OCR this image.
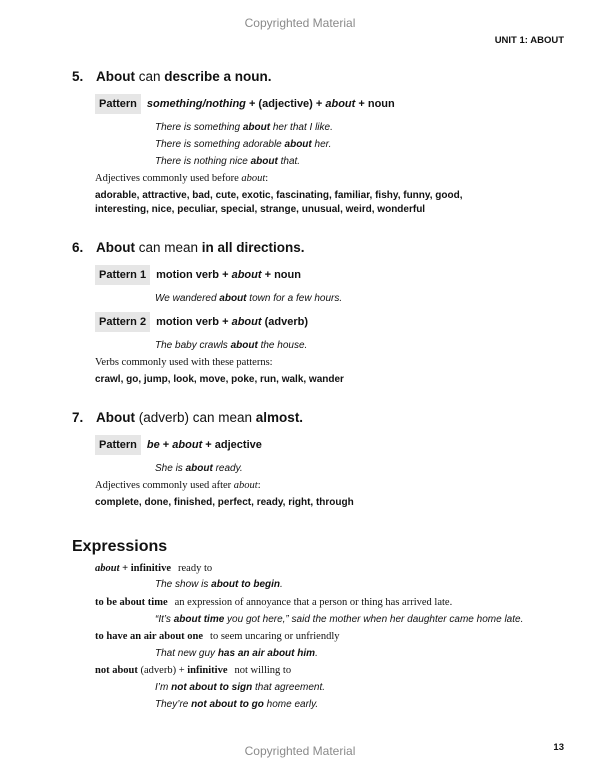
Copyrighted Material
UNIT 1: ABOUT
5. About can describe a noun.
Pattern something/nothing + (adjective) + about + noun
There is something about her that I like.
There is something adorable about her.
There is nothing nice about that.
Adjectives commonly used before about:
adorable, attractive, bad, cute, exotic, fascinating, familiar, fishy, funny, good,
interesting, nice, peculiar, special, strange, unusual, weird, wonderful
6. About can mean in all directions.
Pattern 1 motion verb + about + noun
We wandered about town for a few hours.
Pattern 2 motion verb + about (adverb)
The baby crawls about the house.
Verbs commonly used with these patterns:
crawl, go, jump, look, move, poke, run, walk, wander
7. About (adverb) can mean almost.
Pattern be + about + adjective
She is about ready.
Adjectives commonly used after about:
complete, done, finished, perfect, ready, right, through
Expressions
about + infinitive ready to
The show is about to begin.
to be about time an expression of annoyance that a person or thing has arrived late.
“It’s about time you got here,” said the mother when her daughter came home late.
to have an air about one to seem uncaring or unfriendly
That new guy has an air about him.
not about (adverb) + infinitive not willing to
I’m not about to sign that agreement.
They’re not about to go home early.
Copyrighted Material	13
